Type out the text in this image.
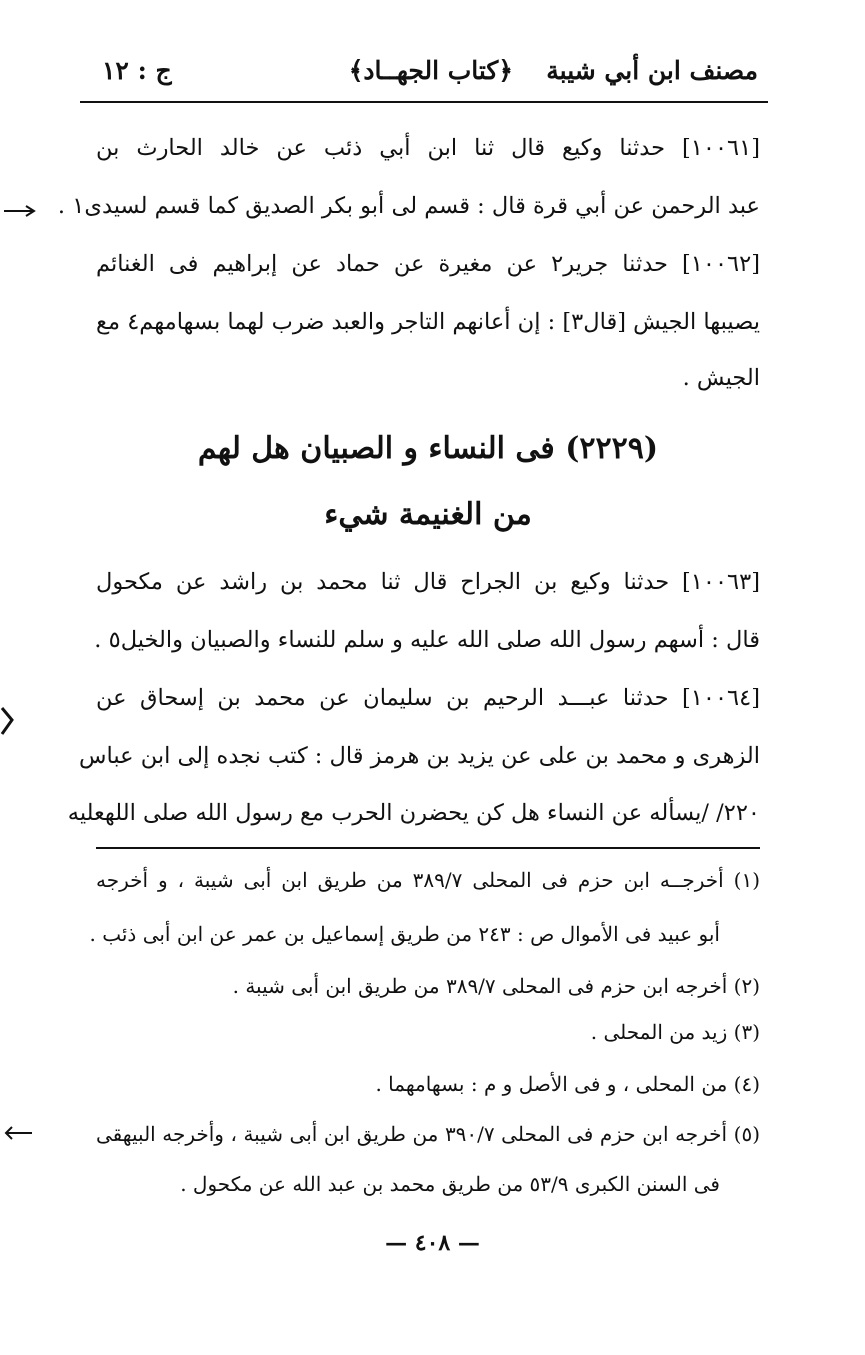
مصنف ابن أبي شيبة
﴿كتاب الجهــاد﴾
ج : ١٢
[١٠٠٦١] حدثنا وكيع قال ثنا ابن أبي ذئب عن خالد الحارث بن
عبد الرحمن عن أبي قرة قال : قسم لى أبو بكر الصديق كما قسم لسيدى١ .
[١٠٠٦٢] حدثنا جرير٢ عن مغيرة عن حماد عن إبراهيم فى الغنائم
يصيبها الجيش [قال٣] : إن أعانهم التاجر والعبد ضرب لهما بسهامهم٤ مع
الجيش .
(٢٢٢٩) فى النساء و الصبيان هل لهم
من الغنيمة شيء
[١٠٠٦٣] حدثنا وكيع بن الجراح قال ثنا محمد بن راشد عن مكحول
قال : أسهم رسول الله صلى الله عليه و سلم للنساء والصبيان والخيل٥ .
[١٠٠٦٤] حدثنا عبـــد الرحيم بن سليمان عن محمد بن إسحاق عن
الزهرى و محمد بن على عن يزيد بن هرمز قال : كتب نجده إلى ابن عباس
٢٢٠/ /يسأله عن النساء هل كن يحضرن الحرب مع رسول الله صلى اللهعليه
(١) أخرجــه ابن حزم فى المحلى ٣٨٩/٧ من طريق ابن أبى شيبة ، و أخرجه
أبو عبيد فى الأموال ص : ٢٤٣ من طريق إسماعيل بن عمر عن ابن أبى ذئب .
(٢) أخرجه ابن حزم فى المحلى ٣٨٩/٧ من طريق ابن أبى شيبة .
(٣) زيد من المحلى .
(٤) من المحلى ، و فى الأصل و م : بسهامهما .
(٥) أخرجه ابن حزم فى المحلى ٣٩٠/٧ من طريق ابن أبى شيبة ، وأخرجه البيهقى
فى السنن الكبرى ٥٣/٩ من طريق محمد بن عبد الله عن مكحول .
— ٤٠٨ —
